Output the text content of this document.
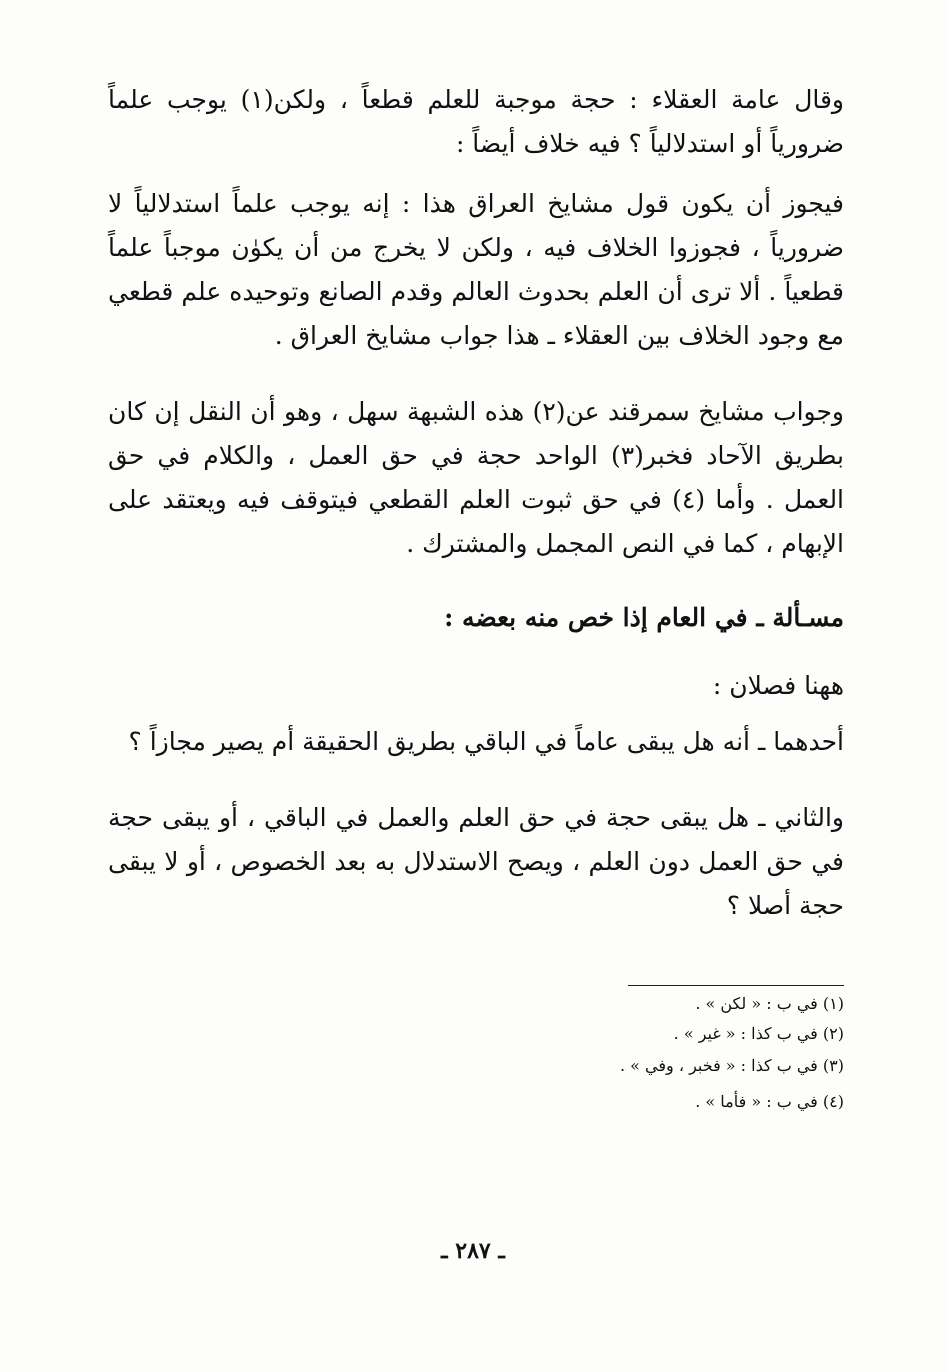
وقال عامة العقلاء : حجة موجبة للعلم قطعاً ، ولكن(١) يوجب علماً ضرورياً أو استدلالياً ؟ فيه خلاف أيضاً :

فيجوز أن يكون قول مشايخ العراق هذا : إنه يوجب علماً استدلالياً لا ضرورياً ، فجوزوا الخلاف فيه ، ولكن لا يخرج من أن يكوٰن موجباً علماً قطعياً . ألا ترى أن العلم بحدوث العالم وقدم الصانع وتوحيده علم قطعي مع وجود الخلاف بين العقلاء ـ هذا جواب مشايخ العراق .

وجواب مشايخ سمرقند عن(٢) هذه الشبهة سهل ، وهو أن النقل إن كان بطريق الآحاد فخبر(٣) الواحد حجة في حق العمل ، والكلام في حق العمل . وأما (٤) في حق ثبوت العلم القطعي فيتوقف فيه ويعتقد على الإبهام ، كما في النص المجمل والمشترك .

مسـألة ـ في العام إذا خص منه بعضه :

ههنا فصلان :

أحدهما ـ أنه هل يبقى عاماً في الباقي بطريق الحقيقة أم يصير مجازاً ؟

والثاني ـ هل يبقى حجة في حق العلم والعمل في الباقي ، أو يبقى حجة في حق العمل دون العلم ، ويصح الاستدلال به بعد الخصوص ، أو لا يبقى حجة أصلا ؟

(١) في ب : « لكن » .
(٢) في ب كذا : « غير » .
(٣) في ب كذا : « فخبر ، وفي » .
(٤) في ب : « فأما » .
ـ ٢٨٧ ـ
